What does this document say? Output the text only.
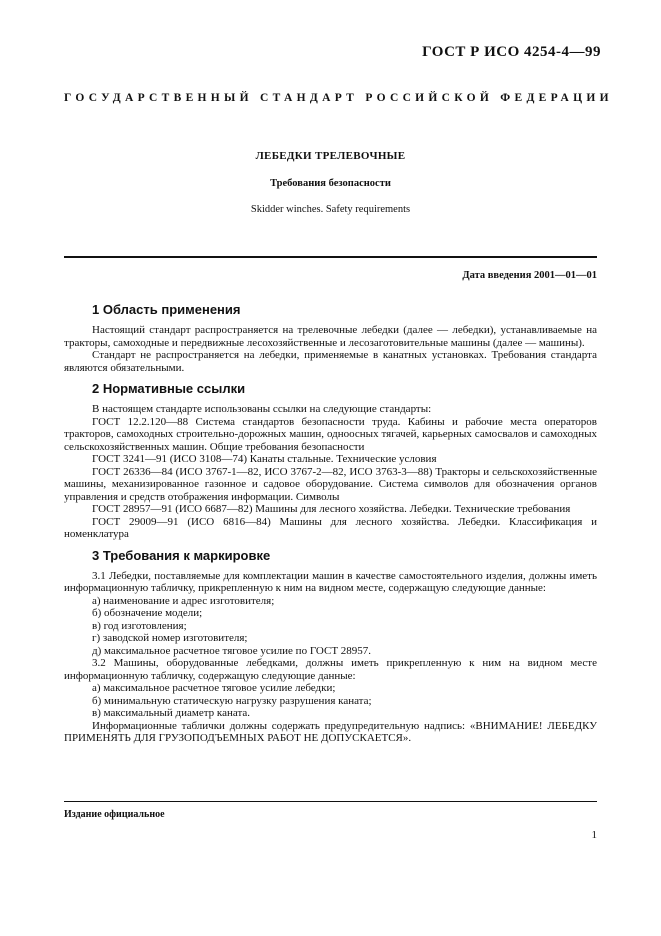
ГОСТ Р ИСО 4254-4—99
ГОСУДАРСТВЕННЫЙ СТАНДАРТ РОССИЙСКОЙ ФЕДЕРАЦИИ
ЛЕБЕДКИ ТРЕЛЕВОЧНЫЕ
Требования безопасности
Skidder winches. Safety requirements
Дата введения 2001—01—01
1 Область применения

Настоящий стандарт распространяется на трелевочные лебедки (далее — лебедки), устанавливаемые на тракторы, самоходные и передвижные лесохозяйственные и лесозаготовительные машины (далее — машины).

Стандарт не распространяется на лебедки, применяемые в канатных установках. Требования стандарта являются обязательными.

2 Нормативные ссылки

В настоящем стандарте использованы ссылки на следующие стандарты:

ГОСТ 12.2.120—88 Система стандартов безопасности труда. Кабины и рабочие места операторов тракторов, самоходных строительно-дорожных машин, одноосных тягачей, карьерных самосвалов и самоходных сельскохозяйственных машин. Общие требования безопасности

ГОСТ 3241—91 (ИСО 3108—74) Канаты стальные. Технические условия

ГОСТ 26336—84 (ИСО 3767-1—82, ИСО 3767-2—82, ИСО 3763-3—88) Тракторы и сельскохозяйственные машины, механизированное газонное и садовое оборудование. Система символов для обозначения органов управления и средств отображения информации. Символы

ГОСТ 28957—91 (ИСО 6687—82) Машины для лесного хозяйства. Лебедки. Технические требования

ГОСТ 29009—91 (ИСО 6816—84) Машины для лесного хозяйства. Лебедки. Классификация и номенклатура

3 Требования к маркировке

3.1 Лебедки, поставляемые для комплектации машин в качестве самостоятельного изделия, должны иметь информационную табличку, прикрепленную к ним на видном месте, содержащую следующие данные:

а) наименование и адрес изготовителя;

б) обозначение модели;

в) год изготовления;

г) заводской номер изготовителя;

д) максимальное расчетное тяговое усилие по ГОСТ 28957.

3.2 Машины, оборудованные лебедками, должны иметь прикрепленную к ним на видном месте информационную табличку, содержащую следующие данные:

а) максимальное расчетное тяговое усилие лебедки;

б) минимальную статическую нагрузку разрушения каната;

в) максимальный диаметр каната.

Информационные таблички должны содержать предупредительную надпись: «ВНИМАНИЕ! ЛЕБЕДКУ ПРИМЕНЯТЬ ДЛЯ ГРУЗОПОДЪЕМНЫХ РАБОТ НЕ ДОПУСКАЕТСЯ».

Издание официальное
1
